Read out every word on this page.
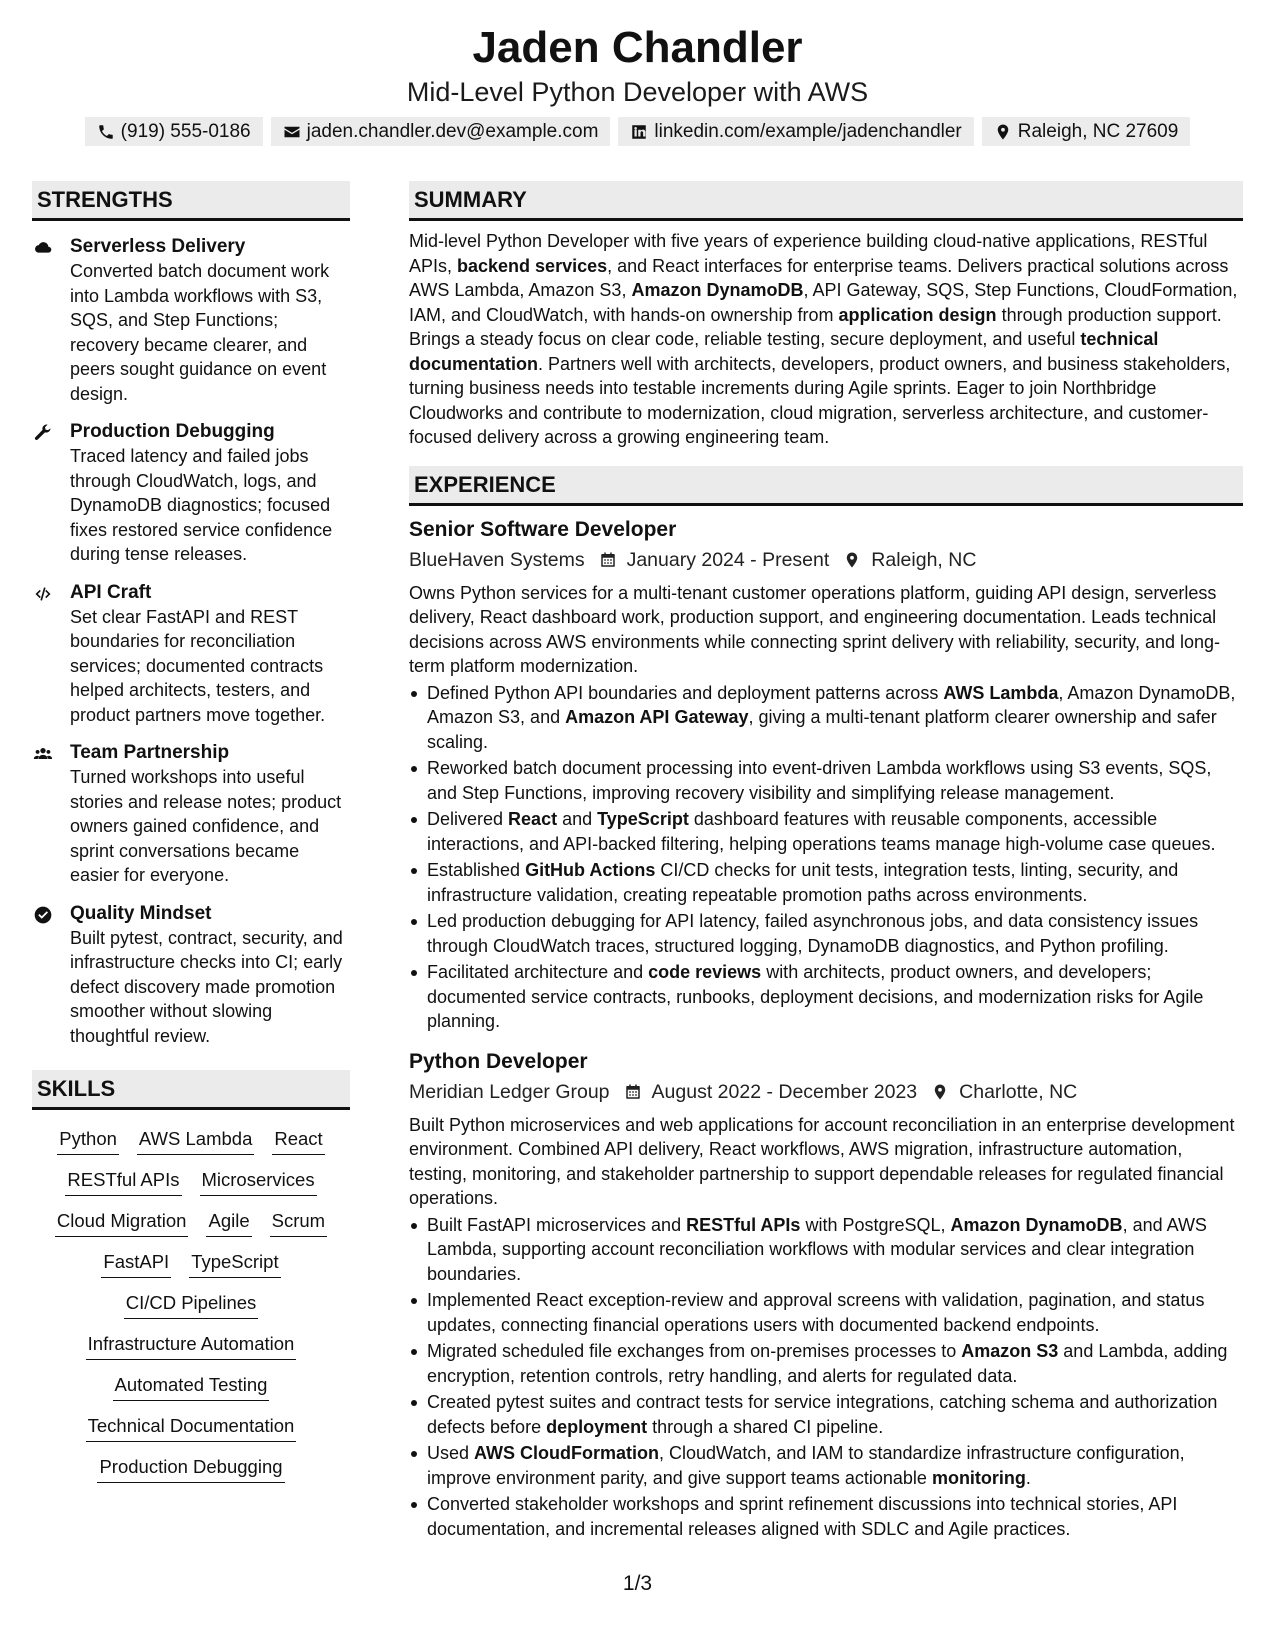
Jaden Chandler
Mid-Level Python Developer with AWS
(919) 555-0186	jaden.chandler.dev@example.com	linkedin.com/example/jadenchandler	Raleigh, NC 27609
STRENGTHS
Serverless Delivery
Converted batch document work into Lambda workflows with S3, SQS, and Step Functions; recovery became clearer, and peers sought guidance on event design.
Production Debugging
Traced latency and failed jobs through CloudWatch, logs, and DynamoDB diagnostics; focused fixes restored service confidence during tense releases.
API Craft
Set clear FastAPI and REST boundaries for reconciliation services; documented contracts helped architects, testers, and product partners move together.
Team Partnership
Turned workshops into useful stories and release notes; product owners gained confidence, and sprint conversations became easier for everyone.
Quality Mindset
Built pytest, contract, security, and infrastructure checks into CI; early defect discovery made promotion smoother without slowing thoughtful review.
SKILLS
Python AWS Lambda React
RESTful APIs Microservices
Cloud Migration Agile Scrum
FastAPI TypeScript
CI/CD Pipelines
Infrastructure Automation
Automated Testing
Technical Documentation
Production Debugging
SUMMARY
Mid-level Python Developer with five years of experience building cloud-native applications, RESTful APIs, backend services, and React interfaces for enterprise teams. Delivers practical solutions across AWS Lambda, Amazon S3, Amazon DynamoDB, API Gateway, SQS, Step Functions, CloudFormation, IAM, and CloudWatch, with hands-on ownership from application design through production support. Brings a steady focus on clear code, reliable testing, secure deployment, and useful technical documentation. Partners well with architects, developers, product owners, and business stakeholders, turning business needs into testable increments during Agile sprints. Eager to join Northbridge Cloudworks and contribute to modernization, cloud migration, serverless architecture, and customer-focused delivery across a growing engineering team.
EXPERIENCE
Senior Software Developer
BlueHaven Systems January 2024 - Present Raleigh, NC
Owns Python services for a multi-tenant customer operations platform, guiding API design, serverless delivery, React dashboard work, production support, and engineering documentation. Leads technical decisions across AWS environments while connecting sprint delivery with reliability, security, and long-term platform modernization.
Defined Python API boundaries and deployment patterns across AWS Lambda, Amazon DynamoDB, Amazon S3, and Amazon API Gateway, giving a multi-tenant platform clearer ownership and safer scaling.
Reworked batch document processing into event-driven Lambda workflows using S3 events, SQS, and Step Functions, improving recovery visibility and simplifying release management.
Delivered React and TypeScript dashboard features with reusable components, accessible interactions, and API-backed filtering, helping operations teams manage high-volume case queues.
Established GitHub Actions CI/CD checks for unit tests, integration tests, linting, security, and infrastructure validation, creating repeatable promotion paths across environments.
Led production debugging for API latency, failed asynchronous jobs, and data consistency issues through CloudWatch traces, structured logging, DynamoDB diagnostics, and Python profiling.
Facilitated architecture and code reviews with architects, product owners, and developers; documented service contracts, runbooks, deployment decisions, and modernization risks for Agile planning.
Python Developer
Meridian Ledger Group August 2022 - December 2023 Charlotte, NC
Built Python microservices and web applications for account reconciliation in an enterprise development environment. Combined API delivery, React workflows, AWS migration, infrastructure automation, testing, monitoring, and stakeholder partnership to support dependable releases for regulated financial operations.
Built FastAPI microservices and RESTful APIs with PostgreSQL, Amazon DynamoDB, and AWS Lambda, supporting account reconciliation workflows with modular services and clear integration boundaries.
Implemented React exception-review and approval screens with validation, pagination, and status updates, connecting financial operations users with documented backend endpoints.
Migrated scheduled file exchanges from on-premises processes to Amazon S3 and Lambda, adding encryption, retention controls, retry handling, and alerts for regulated data.
Created pytest suites and contract tests for service integrations, catching schema and authorization defects before deployment through a shared CI pipeline.
Used AWS CloudFormation, CloudWatch, and IAM to standardize infrastructure configuration, improve environment parity, and give support teams actionable monitoring.
Converted stakeholder workshops and sprint refinement discussions into technical stories, API documentation, and incremental releases aligned with SDLC and Agile practices.
1/3
